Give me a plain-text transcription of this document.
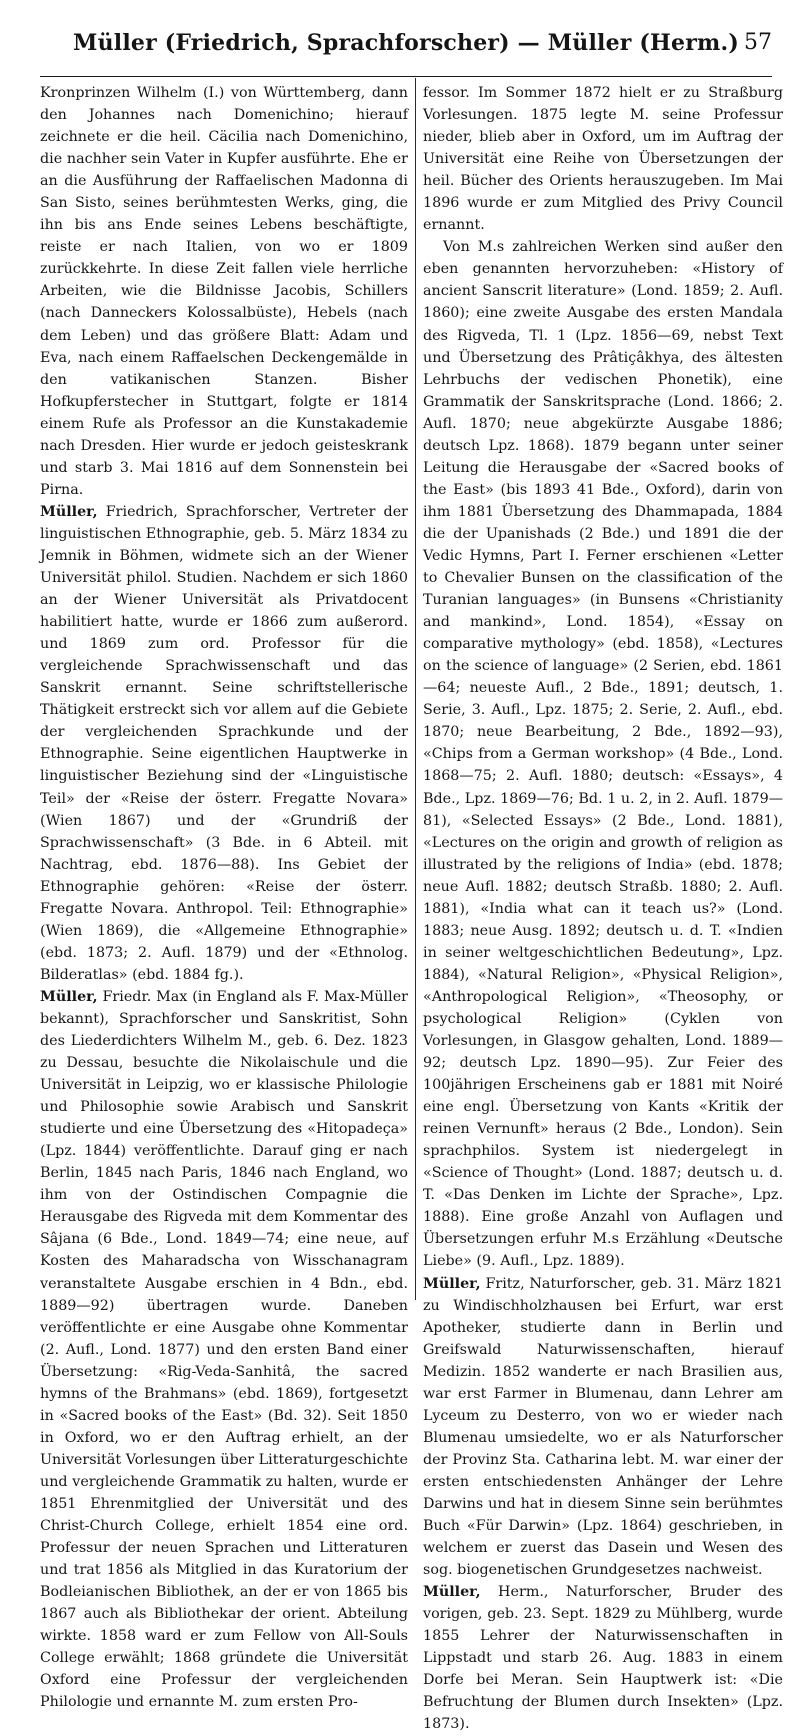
Müller (Friedrich, Sprachforscher) — Müller (Herm.) 57

Kronprinzen Wilhelm (I.) von Württemberg, dann den Johannes nach Domenichino; hierauf zeichnete er die heil. Cäcilia nach Domenichino, die nachher sein Vater in Kupfer ausführte. Ehe er an die Ausführung der Raffaelischen Madonna di San Sisto, seines berühmtesten Werks, ging, die ihn bis ans Ende seines Lebens beschäftigte, reiste er nach Italien, von wo er 1809 zurückkehrte. In diese Zeit fallen viele herrliche Arbeiten, wie die Bildnisse Jacobis, Schillers (nach Danneckers Kolossalbüste), Hebels (nach dem Leben) und das größere Blatt: Adam und Eva, nach einem Raffaelschen Deckengemälde in den vatikanischen Stanzen. Bisher Hofkupferstecher in Stuttgart, folgte er 1814 einem Rufe als Professor an die Kunstakademie nach Dresden. Hier wurde er jedoch geisteskrank und starb 3. Mai 1816 auf dem Sonnenstein bei Pirna.

Müller, Friedrich, Sprachforscher, Vertreter der linguistischen Ethnographie, geb. 5. März 1834 zu Jemnik in Böhmen, widmete sich an der Wiener Universität philol. Studien. Nachdem er sich 1860 an der Wiener Universität als Privatdocent habilitiert hatte, wurde er 1866 zum außerord. und 1869 zum ord. Professor für die vergleichende Sprachwissenschaft und das Sanskrit ernannt. Seine schriftstellerische Thätigkeit erstreckt sich vor allem auf die Gebiete der vergleichenden Sprachkunde und der Ethnographie. Seine eigentlichen Hauptwerke in linguistischer Beziehung sind der «Linguistische Teil» der «Reise der österr. Fregatte Novara» (Wien 1867) und der «Grundriß der Sprachwissenschaft» (3 Bde. in 6 Abteil. mit Nachtrag, ebd. 1876—88). Ins Gebiet der Ethnographie gehören: «Reise der österr. Fregatte Novara. Anthropol. Teil: Ethnographie» (Wien 1869), die «Allgemeine Ethnographie» (ebd. 1873; 2. Aufl. 1879) und der «Ethnolog. Bilderatlas» (ebd. 1884 fg.).

Müller, Friedr. Max (in England als F. Max-Müller bekannt), Sprachforscher und Sanskritist, Sohn des Liederdichters Wilhelm M., geb. 6. Dez. 1823 zu Dessau, besuchte die Nikolaischule und die Universität in Leipzig, wo er klassische Philologie und Philosophie sowie Arabisch und Sanskrit studierte und eine Übersetzung des «Hitopadeça» (Lpz. 1844) veröffentlichte. Darauf ging er nach Berlin, 1845 nach Paris, 1846 nach England, wo ihm von der Ostindischen Compagnie die Herausgabe des Rigveda mit dem Kommentar des Sâjana (6 Bde., Lond. 1849—74; eine neue, auf Kosten des Maharadscha von Wisschanagram veranstaltete Ausgabe erschien in 4 Bdn., ebd. 1889—92) übertragen wurde. Daneben veröffentlichte er eine Ausgabe ohne Kommentar (2. Aufl., Lond. 1877) und den ersten Band einer Übersetzung: «Rig-Veda-Sanhitâ, the sacred hymns of the Brahmans» (ebd. 1869), fortgesetzt in «Sacred books of the East» (Bd. 32). Seit 1850 in Oxford, wo er den Auftrag erhielt, an der Universität Vorlesungen über Litteraturgeschichte und vergleichende Grammatik zu halten, wurde er 1851 Ehrenmitglied der Universität und des Christ-Church College, erhielt 1854 eine ord. Professur der neuen Sprachen und Litteraturen und trat 1856 als Mitglied in das Kuratorium der Bodleianischen Bibliothek, an der er von 1865 bis 1867 auch als Bibliothekar der orient. Abteilung wirkte. 1858 ward er zum Fellow von All-Souls College erwählt; 1868 gründete die Universität Oxford eine Professur der vergleichenden Philologie und ernannte M. zum ersten Pro-

fessor. Im Sommer 1872 hielt er zu Straßburg Vorlesungen. 1875 legte M. seine Professur nieder, blieb aber in Oxford, um im Auftrag der Universität eine Reihe von Übersetzungen der heil. Bücher des Orients herauszugeben. Im Mai 1896 wurde er zum Mitglied des Privy Council ernannt.

Von M.s zahlreichen Werken sind außer den eben genannten hervorzuheben: «History of ancient Sanscrit literature» (Lond. 1859; 2. Aufl. 1860); eine zweite Ausgabe des ersten Mandala des Rigveda, Tl. 1 (Lpz. 1856—69, nebst Text und Übersetzung des Prâtiçâkhya, des ältesten Lehrbuchs der vedischen Phonetik), eine Grammatik der Sanskritsprache (Lond. 1866; 2. Aufl. 1870; neue abgekürzte Ausgabe 1886; deutsch Lpz. 1868). 1879 begann unter seiner Leitung die Herausgabe der «Sacred books of the East» (bis 1893 41 Bde., Oxford), darin von ihm 1881 Übersetzung des Dhammapada, 1884 die der Upanishads (2 Bde.) und 1891 die der Vedic Hymns, Part I. Ferner erschienen «Letter to Chevalier Bunsen on the classification of the Turanian languages» (in Bunsens «Christianity and mankind», Lond. 1854), «Essay on comparative mythology» (ebd. 1858), «Lectures on the science of language» (2 Serien, ebd. 1861—64; neueste Aufl., 2 Bde., 1891; deutsch, 1. Serie, 3. Aufl., Lpz. 1875; 2. Serie, 2. Aufl., ebd. 1870; neue Bearbeitung, 2 Bde., 1892—93), «Chips from a German workshop» (4 Bde., Lond. 1868—75; 2. Aufl. 1880; deutsch: «Essays», 4 Bde., Lpz. 1869—76; Bd. 1 u. 2, in 2. Aufl. 1879—81), «Selected Essays» (2 Bde., Lond. 1881), «Lectures on the origin and growth of religion as illustrated by the religions of India» (ebd. 1878; neue Aufl. 1882; deutsch Straßb. 1880; 2. Aufl. 1881), «India what can it teach us?» (Lond. 1883; neue Ausg. 1892; deutsch u. d. T. «Indien in seiner weltgeschichtlichen Bedeutung», Lpz. 1884), «Natural Religion», «Physical Religion», «Anthropological Religion», «Theosophy, or psychological Religion» (Cyklen von Vorlesungen, in Glasgow gehalten, Lond. 1889—92; deutsch Lpz. 1890—95). Zur Feier des 100jährigen Erscheinens gab er 1881 mit Noiré eine engl. Übersetzung von Kants «Kritik der reinen Vernunft» heraus (2 Bde., London). Sein sprachphilos. System ist niedergelegt in «Science of Thought» (Lond. 1887; deutsch u. d. T. «Das Denken im Lichte der Sprache», Lpz. 1888). Eine große Anzahl von Auflagen und Übersetzungen erfuhr M.s Erzählung «Deutsche Liebe» (9. Aufl., Lpz. 1889).

Müller, Fritz, Naturforscher, geb. 31. März 1821 zu Windischholzhausen bei Erfurt, war erst Apotheker, studierte dann in Berlin und Greifswald Naturwissenschaften, hierauf Medizin. 1852 wanderte er nach Brasilien aus, war erst Farmer in Blumenau, dann Lehrer am Lyceum zu Desterro, von wo er wieder nach Blumenau umsiedelte, wo er als Naturforscher der Provinz Sta. Catharina lebt. M. war einer der ersten entschiedensten Anhänger der Lehre Darwins und hat in diesem Sinne sein berühmtes Buch «Für Darwin» (Lpz. 1864) geschrieben, in welchem er zuerst das Dasein und Wesen des sog. biogenetischen Grundgesetzes nachweist.

Müller, Herm., Naturforscher, Bruder des vorigen, geb. 23. Sept. 1829 zu Mühlberg, wurde 1855 Lehrer der Naturwissenschaften in Lippstadt und starb 26. Aug. 1883 in einem Dorfe bei Meran. Sein Hauptwerk ist: «Die Befruchtung der Blumen durch Insekten» (Lpz. 1873).
